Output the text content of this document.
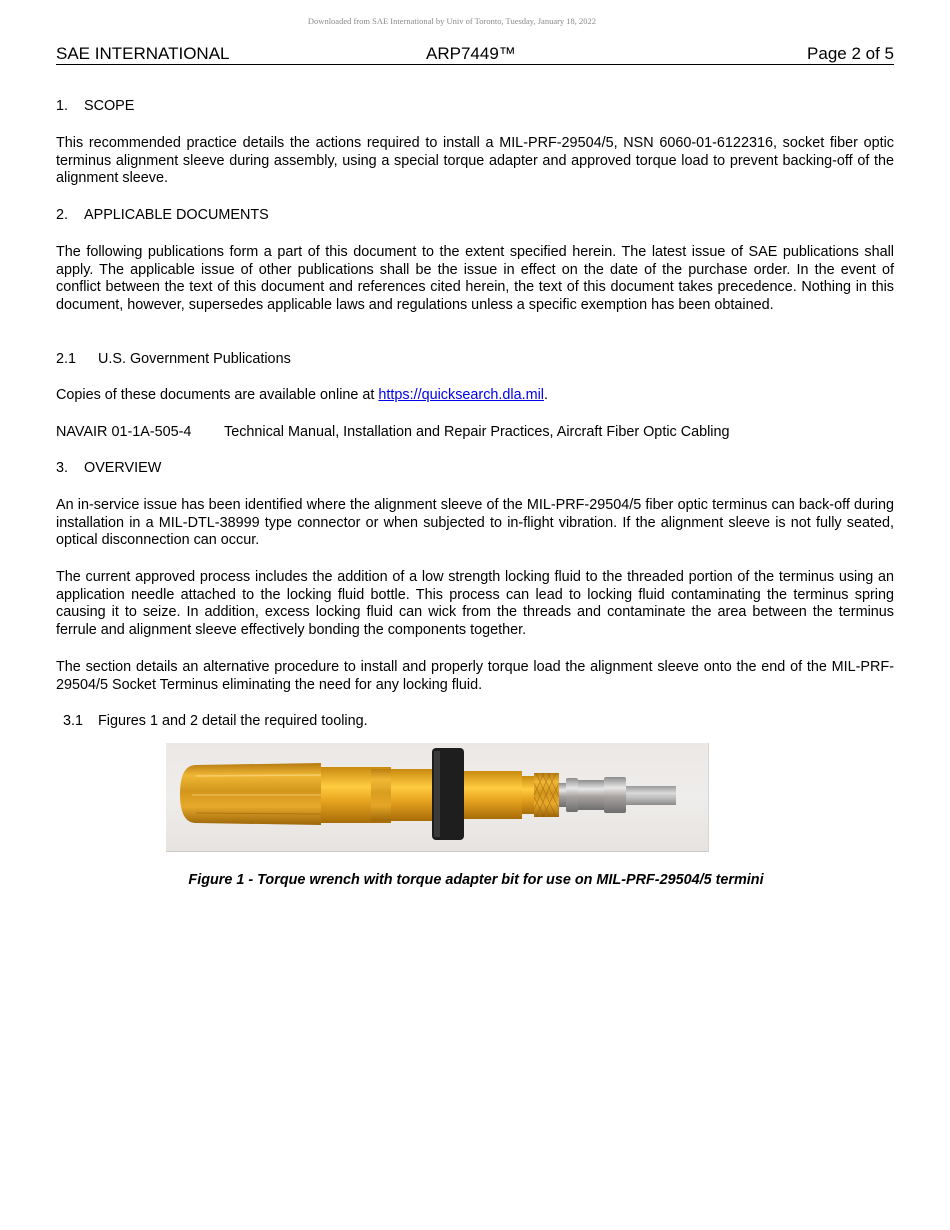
Downloaded from SAE International by Univ of Toronto, Tuesday, January 18, 2022
SAE INTERNATIONAL	ARP7449™	Page 2 of 5
1. SCOPE
This recommended practice details the actions required to install a MIL-PRF-29504/5, NSN 6060-01-6122316, socket fiber optic terminus alignment sleeve during assembly, using a special torque adapter and approved torque load to prevent backing-off of the alignment sleeve.
2. APPLICABLE DOCUMENTS
The following publications form a part of this document to the extent specified herein. The latest issue of SAE publications shall apply. The applicable issue of other publications shall be the issue in effect on the date of the purchase order. In the event of conflict between the text of this document and references cited herein, the text of this document takes precedence. Nothing in this document, however, supersedes applicable laws and regulations unless a specific exemption has been obtained.
2.1 U.S. Government Publications
Copies of these documents are available online at https://quicksearch.dla.mil.
NAVAIR 01-1A-505-4 Technical Manual, Installation and Repair Practices, Aircraft Fiber Optic Cabling
3. OVERVIEW
An in-service issue has been identified where the alignment sleeve of the MIL-PRF-29504/5 fiber optic terminus can back-off during installation in a MIL-DTL-38999 type connector or when subjected to in-flight vibration. If the alignment sleeve is not fully seated, optical disconnection can occur.
The current approved process includes the addition of a low strength locking fluid to the threaded portion of the terminus using an application needle attached to the locking fluid bottle. This process can lead to locking fluid contaminating the terminus spring causing it to seize. In addition, excess locking fluid can wick from the threads and contaminate the area between the terminus ferrule and alignment sleeve effectively bonding the components together.
The section details an alternative procedure to install and properly torque load the alignment sleeve onto the end of the MIL-PRF-29504/5 Socket Terminus eliminating the need for any locking fluid.
3.1 Figures 1 and 2 detail the required tooling.
Figure 1 - Torque wrench with torque adapter bit for use on MIL-PRF-29504/5 termini
